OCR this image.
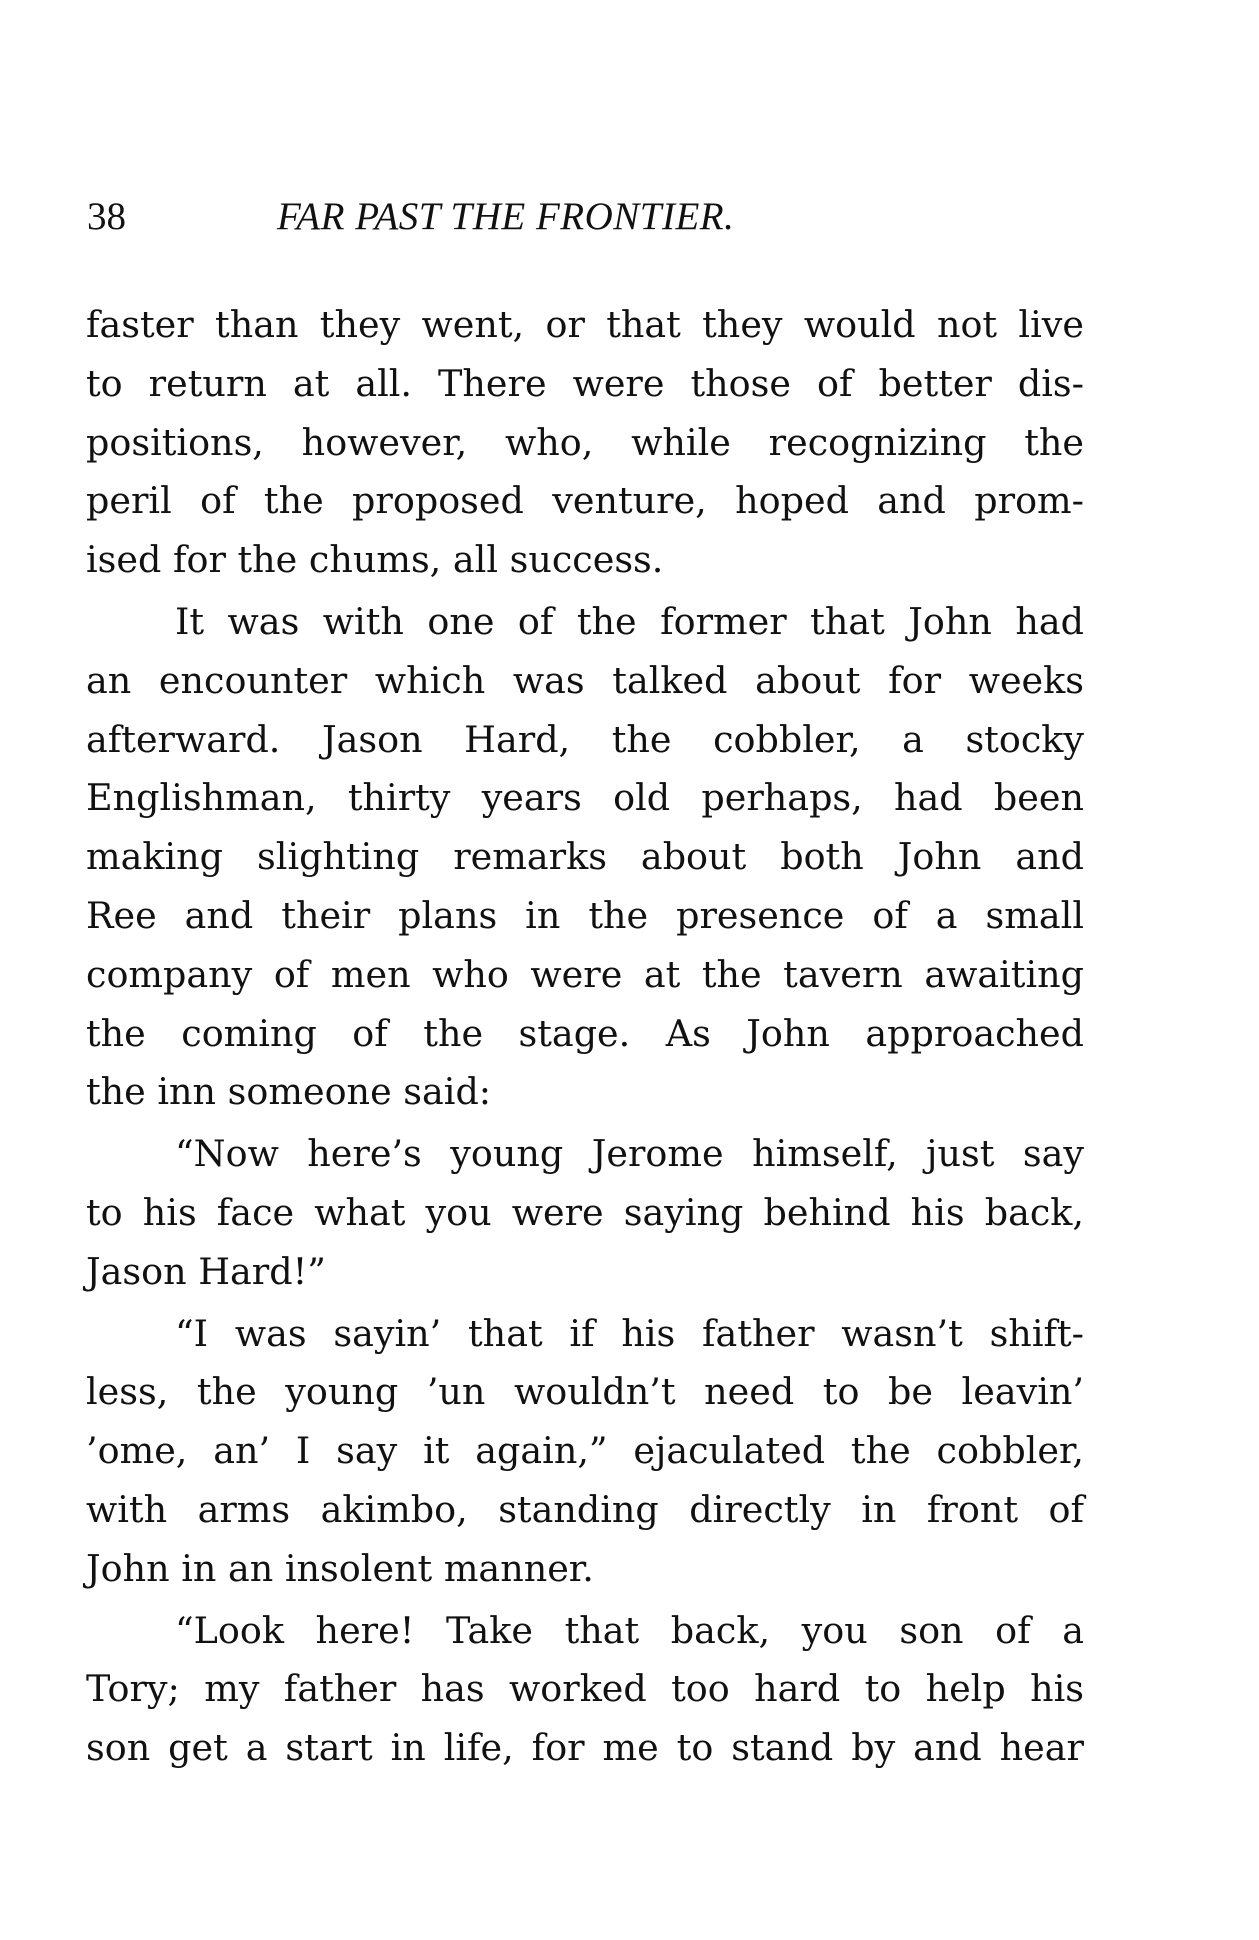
38	FAR PAST THE FRONTIER.
faster than they went, or that they would not live
to return at all. There were those of better dis-
positions, however, who, while recognizing the
peril of the proposed venture, hoped and prom-
ised for the chums, all success.
It was with one of the former that John had
an encounter which was talked about for weeks
afterward. Jason Hard, the cobbler, a stocky
Englishman, thirty years old perhaps, had been
making slighting remarks about both John and
Ree and their plans in the presence of a small
company of men who were at the tavern awaiting
the coming of the stage. As John approached
the inn someone said:
“Now here’s young Jerome himself, just say
to his face what you were saying behind his back,
Jason Hard!”
“I was sayin’ that if his father wasn’t shift-
less, the young ’un wouldn’t need to be leavin’
’ome, an’ I say it again,” ejaculated the cobbler,
with arms akimbo, standing directly in front of
John in an insolent manner.
“Look here! Take that back, you son of a
Tory; my father has worked too hard to help his
son get a start in life, for me to stand by and hear
